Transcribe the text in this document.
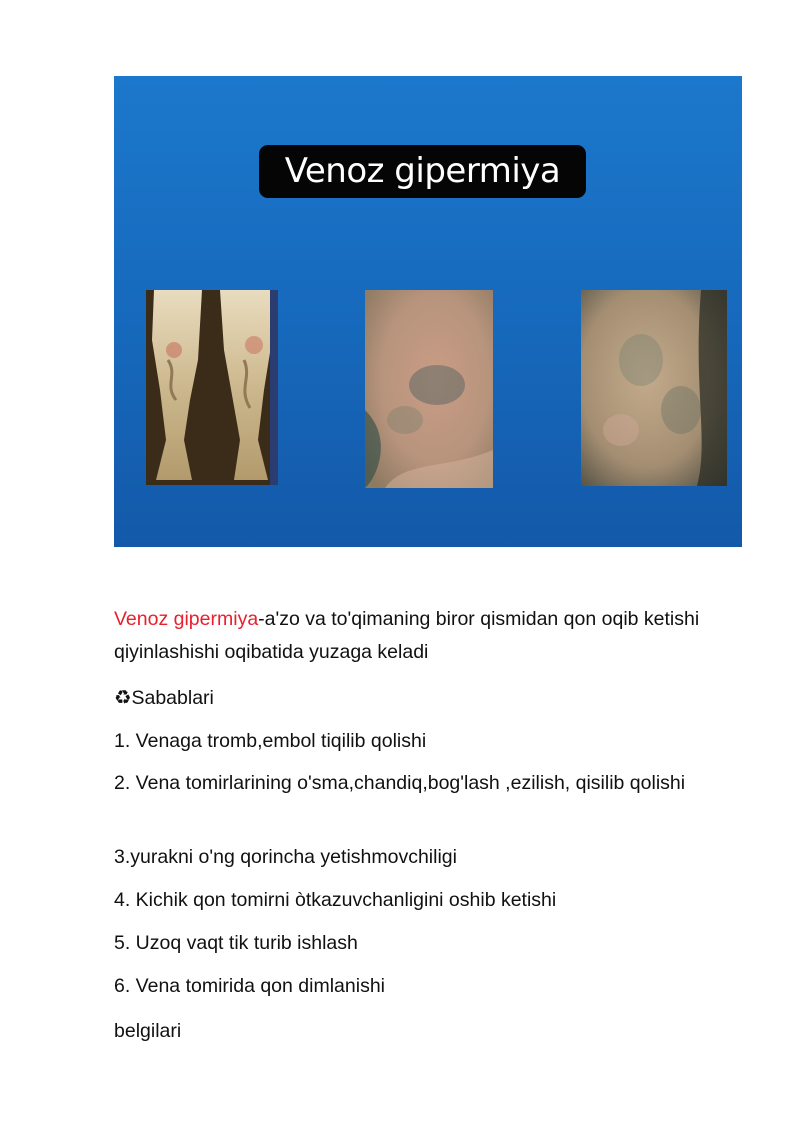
Venoz gipermiya
Venoz gipermiya-a'zo va to'qimaning biror qismidan qon oqib ketishi qiyinlashishi oqibatida yuzaga keladi
♻Sabablari
1. Venaga tromb,embol tiqilib qolishi
2. Vena tomirlarining o'sma,chandiq,bog'lash ,ezilish, qisilib qolishi
3.yurakni o'ng qorincha yetishmovchiligi
4. Kichik qon tomirni òtkazuvchanligini oshib ketishi
5. Uzoq vaqt tik turib ishlash
6. Vena tomirida qon dimlanishi
belgilari
